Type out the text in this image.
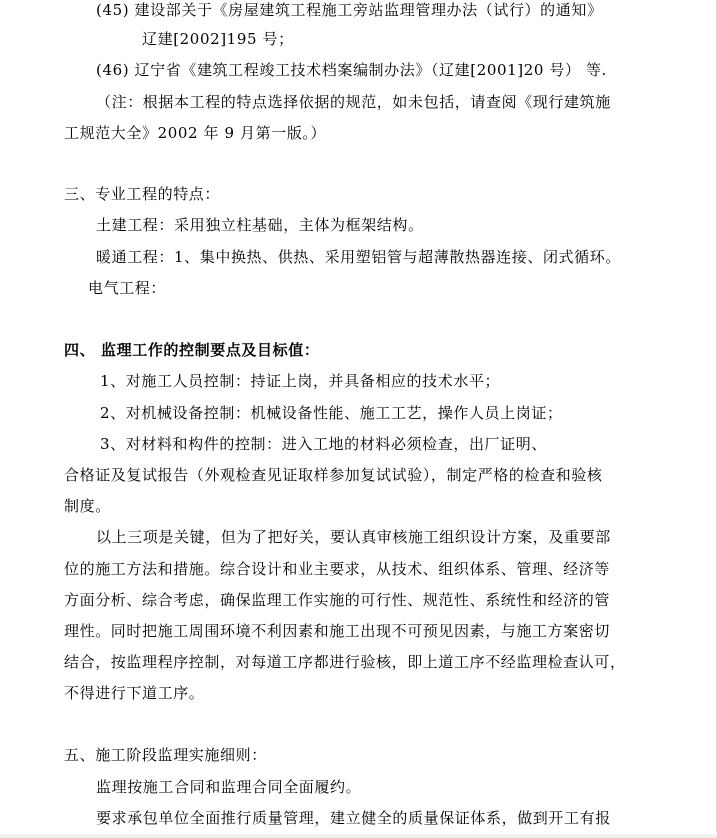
(45) 建设部关于《房屋建筑工程施工旁站监理管理办法（试行）的通知》
辽建[2002]195 号；
(46) 辽宁省《建筑工程竣工技术档案编制办法》（辽建[2001]20 号） 等.
（注：根据本工程的特点选择依据的规范，如未包括，请查阅《现行建筑施
工规范大全》2002 年 9 月第一版。）
三、专业工程的特点：
土建工程：采用独立柱基础，主体为框架结构。
暖通工程：1、集中换热、供热、采用塑铝管与超薄散热器连接、闭式循环。
电气工程：
四、 监理工作的控制要点及目标值：
1、对施工人员控制：持证上岗，并具备相应的技术水平；
2、对机械设备控制：机械设备性能、施工工艺，操作人员上岗证；
3、对材料和构件的控制：进入工地的材料必须检查，出厂证明、
合格证及复试报告（外观检查见证取样参加复试试验），制定严格的检查和验核
制度。
以上三项是关键，但为了把好关，要认真审核施工组织设计方案，及重要部
位的施工方法和措施。综合设计和业主要求，从技术、组织体系、管理、经济等
方面分析、综合考虑，确保监理工作实施的可行性、规范性、系统性和经济的管
理性。同时把施工周围环境不利因素和施工出现不可预见因素，与施工方案密切
结合，按监理程序控制，对每道工序都进行验核，即上道工序不经监理检查认可，
不得进行下道工序。
五、施工阶段监理实施细则：
监理按施工合同和监理合同全面履约。
要求承包单位全面推行质量管理，建立健全的质量保证体系，做到开工有报
